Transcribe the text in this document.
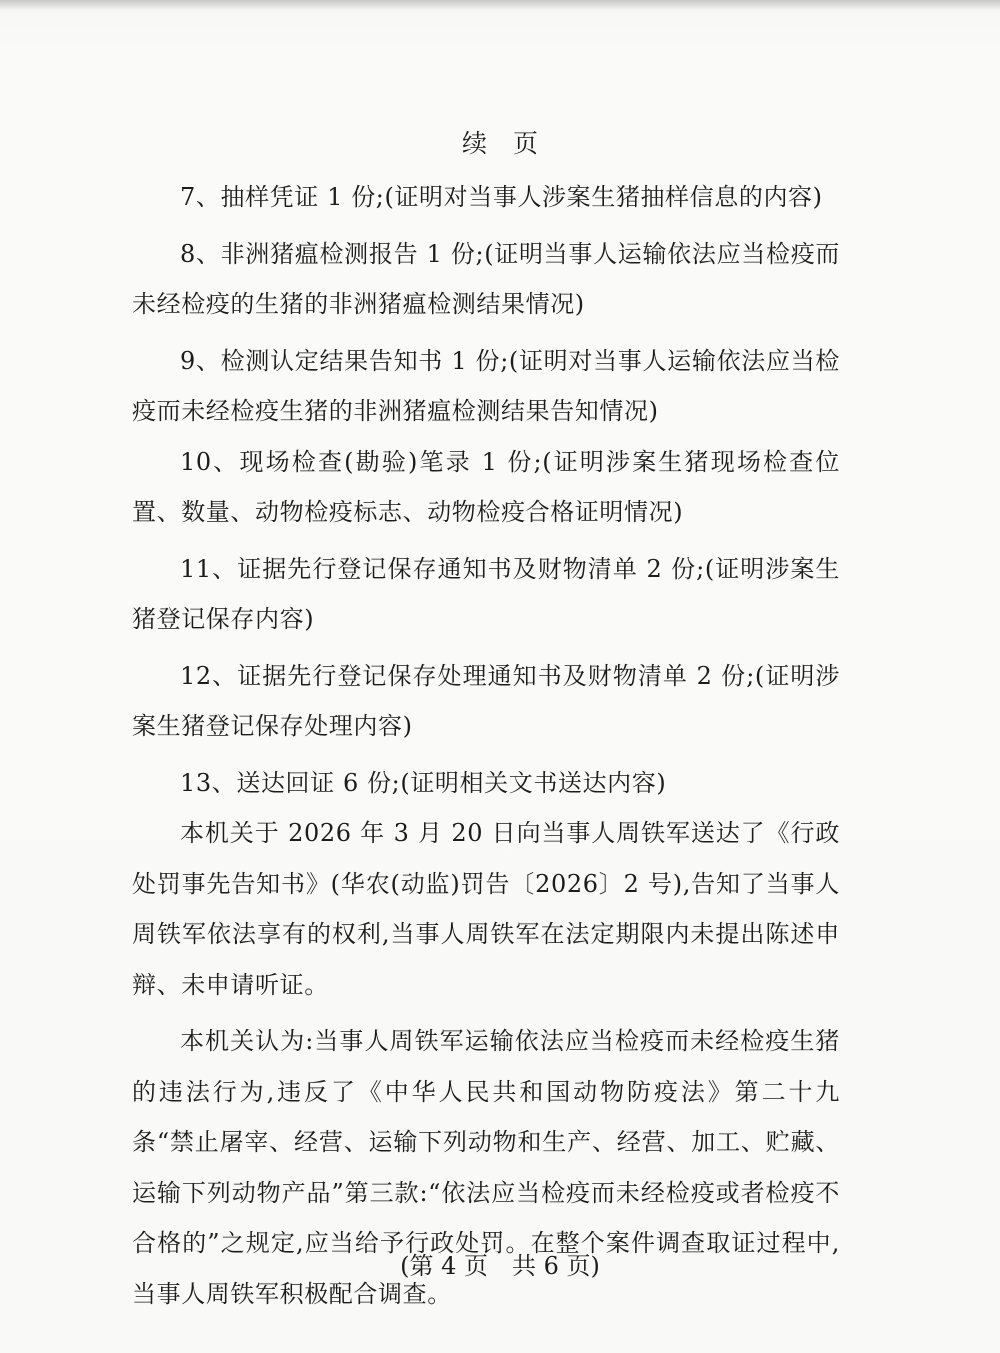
续页

7、抽样凭证 1 份;(证明对当事人涉案生猪抽样信息的内容)

8、非洲猪瘟检测报告 1 份;(证明当事人运输依法应当检疫而未经检疫的生猪的非洲猪瘟检测结果情况)

9、检测认定结果告知书 1 份;(证明对当事人运输依法应当检疫而未经检疫生猪的非洲猪瘟检测结果告知情况)

10、现场检查(勘验)笔录 1 份;(证明涉案生猪现场检查位置、数量、动物检疫标志、动物检疫合格证明情况)

11、证据先行登记保存通知书及财物清单 2 份;(证明涉案生猪登记保存内容)

12、证据先行登记保存处理通知书及财物清单 2 份;(证明涉案生猪登记保存处理内容)

13、送达回证 6 份;(证明相关文书送达内容)

本机关于 2026 年 3 月 20 日向当事人周铁军送达了《行政处罚事先告知书》(华农(动监)罚告〔2026〕2 号),告知了当事人周铁军依法享有的权利,当事人周铁军在法定期限内未提出陈述申辩、未申请听证。

本机关认为:当事人周铁军运输依法应当检疫而未经检疫生猪的违法行为,违反了《中华人民共和国动物防疫法》第二十九条“禁止屠宰、经营、运输下列动物和生产、经营、加工、贮藏、运输下列动物产品”第三款:“依法应当检疫而未经检疫或者检疫不合格的”之规定,应当给予行政处罚。在整个案件调查取证过程中,当事人周铁军积极配合调查。

(第 4 页 共 6 页)
